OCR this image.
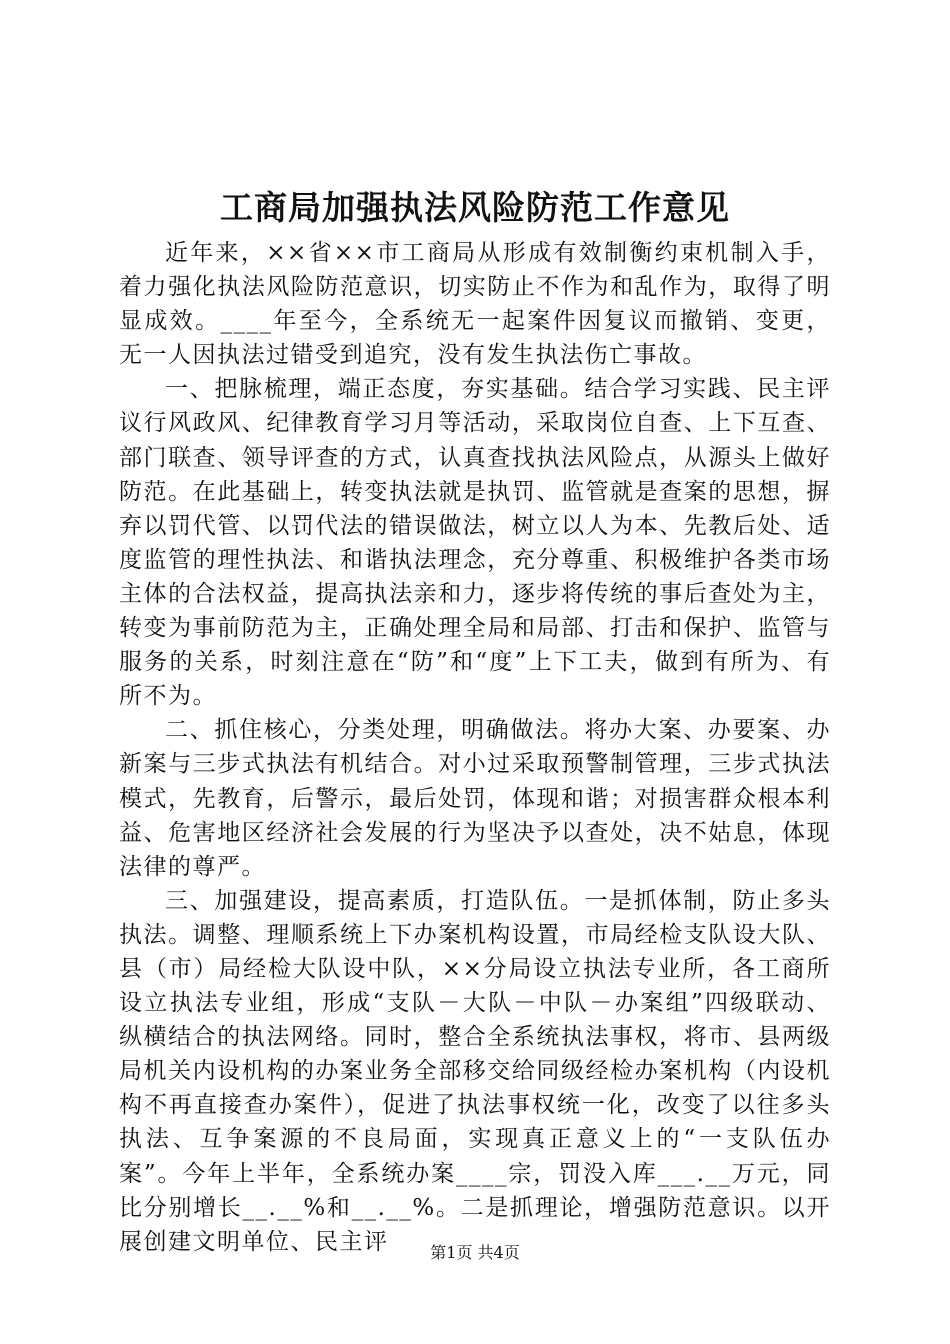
工商局加强执法风险防范工作意见

近年来，××省××市工商局从形成有效制衡约束机制入手，着力强化执法风险防范意识，切实防止不作为和乱作为，取得了明显成效。____年至今，全系统无一起案件因复议而撤销、变更，无一人因执法过错受到追究，没有发生执法伤亡事故。

一、把脉梳理，端正态度，夯实基础。结合学习实践、民主评议行风政风、纪律教育学习月等活动，采取岗位自查、上下互查、部门联查、领导评查的方式，认真查找执法风险点，从源头上做好防范。在此基础上，转变执法就是执罚、监管就是查案的思想，摒弃以罚代管、以罚代法的错误做法，树立以人为本、先教后处、适度监管的理性执法、和谐执法理念，充分尊重、积极维护各类市场主体的合法权益，提高执法亲和力，逐步将传统的事后查处为主，转变为事前防范为主，正确处理全局和局部、打击和保护、监管与服务的关系，时刻注意在“防”和“度”上下工夫，做到有所为、有所不为。

二、抓住核心，分类处理，明确做法。将办大案、办要案、办新案与三步式执法有机结合。对小过采取预警制管理，三步式执法模式，先教育，后警示，最后处罚，体现和谐；对损害群众根本利益、危害地区经济社会发展的行为坚决予以查处，决不姑息，体现法律的尊严。

三、加强建设，提高素质，打造队伍。一是抓体制，防止多头执法。调整、理顺系统上下办案机构设置，市局经检支队设大队、县（市）局经检大队设中队，××分局设立执法专业所，各工商所设立执法专业组，形成“支队－大队－中队－办案组”四级联动、纵横结合的执法网络。同时，整合全系统执法事权，将市、县两级局机关内设机构的办案业务全部移交给同级经检办案机构（内设机构不再直接查办案件），促进了执法事权统一化，改变了以往多头执法、互争案源的不良局面，实现真正意义上的“一支队伍办案”。今年上半年，全系统办案____宗，罚没入库___.__万元，同比分别增长__.__%和__.__%。二是抓理论，增强防范意识。以开展创建文明单位、民主评	第1页 共4页
